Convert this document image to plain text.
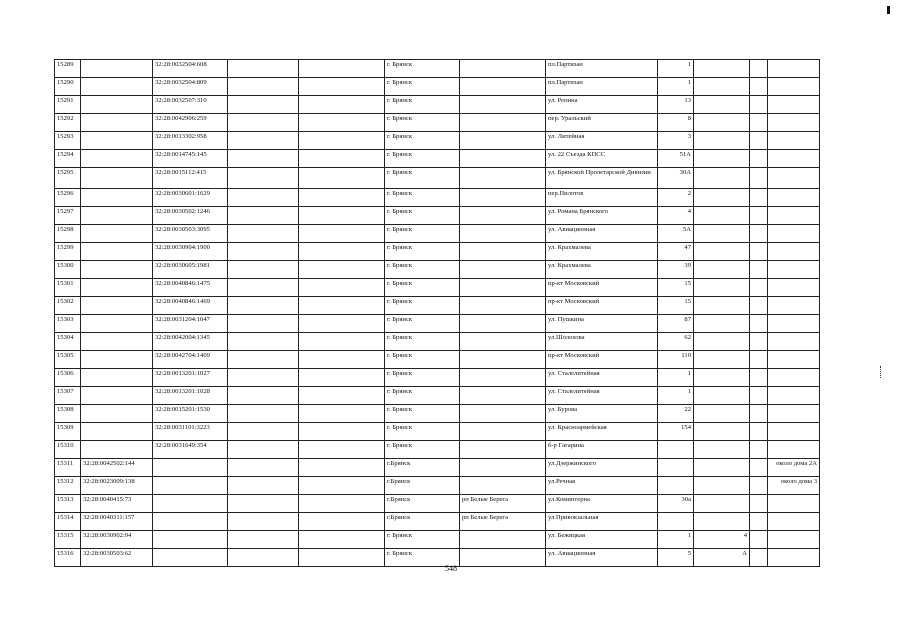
15289		32:28:0032504:608			г. Брянск		пл.Партизан	1			
15290		32:28:0032504:809			г. Брянск		пл.Партизан	1			
15291		32:28:0032507:310			г. Брянск		ул. Репина	13			
15292		32:28:0042906:259			г. Брянск		пер. Уральский	8			
15293		32:28:0013302:958			г. Брянск		ул. Литейная	3			
15294		32:28:0014745:145			г. Брянск		ул. 22 Съезда КПСС	51А			
15295		32:28:0015112:415			г. Брянск		ул. Брянской Пролетарской Дивизии	30А			
15296		32:28:0030601:1629			г. Брянск		пер.Пилотов	2			
15297		32:28:0030502:1246			г. Брянск		ул. Романа Брянского	4			
15298		32:28:0030503:3095			г. Брянск		ул. Авиационная	5А			
15299		32:28:0030904:1900			г. Брянск		ул. Крахмалева	47			
15300		32:28:0030605:1981			г. Брянск		ул. Крахмалева	39			
15301		32:28:0040846:1475			г. Брянск		пр-кт Московский	15			
15302		32:28:0040846:1469			г. Брянск		пр-кт Московский	15			
15303		32:28:0031204:1047			г. Брянск		ул. Пушкина	87			
15304		32:28:0042004:1345			г. Брянск		ул.Шолохова	62			
15305		32:28:0042704:1409			г. Брянск		пр-кт Московский	110			
15306		32:28:0013201:1027			г. Брянск		ул. Сталелитейная	1			
15307		32:28:0013201:1028			г. Брянск		ул. Сталелитейная	1			
15308		32:28:0015201:1530			г. Брянск		ул. Бурова	22			
15309		32:28:0031101:3223			г. Брянск		ул. Красноармейская	154			
15310		32:28:0031649:354			г. Брянск		б-р Гагарина				
15311	32:28:0042502:144				г.Брянск		ул.Дзержинского				около дома 2А
15312	32:28:0023009:138				г.Брянск		ул.Речная				около дома 3
15313	32:28:0040415:73				г.Брянск	рп Белые Берега	ул.Коминтерна	30а			
15314	32:28:0040311:157				г.Брянск	рп Белые Берега	ул.Привокзальная				
15315	32:28:0030902:94				г. Брянск		ул. Бежицкая	1	4		
15316	32:28:0030503:62				г. Брянск		ул. Авиационная	5	А		
548
